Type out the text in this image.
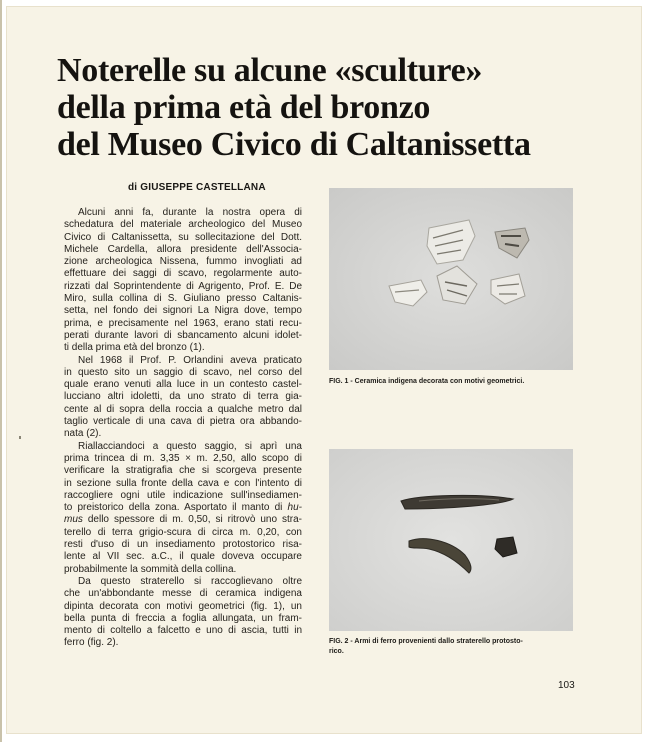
Noterelle su alcune «sculture»
della prima età del bronzo
del Museo Civico di Caltanissetta
di GIUSEPPE CASTELLANA
Alcuni anni fa, durante la nostra opera di
schedatura del materiale archeologico del Museo
Civico di Caltanissetta, su sollecitazione del Dott.
Michele Cardella, allora presidente dell'Associa-
zione archeologica Nissena, fummo invogliati ad
effettuare dei saggi di scavo, regolarmente auto-
rizzati dal Soprintendente di Agrigento, Prof. E. De
Miro, sulla collina di S. Giuliano presso Caltanis-
setta, nel fondo dei signori La Nigra dove, tempo
prima, e precisamente nel 1963, erano stati recu-
perati durante lavori di sbancamento alcuni idolet-
ti della prima età del bronzo (1).
Nel 1968 il Prof. P. Orlandini aveva praticato
in questo sito un saggio di scavo, nel corso del
quale erano venuti alla luce in un contesto castel-
lucciano altri idoletti, da uno strato di terra gia-
cente al di sopra della roccia a qualche metro dal
taglio verticale di una cava di pietra ora abbando-
nata (2).
Riallacciandoci a questo saggio, si aprì una
prima trincea di m. 3,35 × m. 2,50, allo scopo di
verificare la stratigrafia che si scorgeva presente
in sezione sulla fronte della cava e con l'intento di
raccogliere ogni utile indicazione sull'insediamen-
to preistorico della zona. Asportato il manto di hu-
mus dello spessore di m. 0,50, si ritrovò uno stra-
terello di terra grigio-scura di circa m. 0,20, con
resti d'uso di un insediamento protostorico risa-
lente al VII sec. a.C., il quale doveva occupare
probabilmente la sommità della collina.
Da questo straterello si raccoglievano oltre
che un'abbondante messe di ceramica indigena
dipinta decorata con motivi geometrici (fig. 1), un
bella punta di freccia a foglia allungata, un fram-
mento di coltello a falcetto e uno di ascia, tutti in
ferro (fig. 2).
FIG. 1 - Ceramica indigena decorata con motivi geometrici.
FIG. 2 - Armi di ferro provenienti dallo straterello protosto-
rico.
103
